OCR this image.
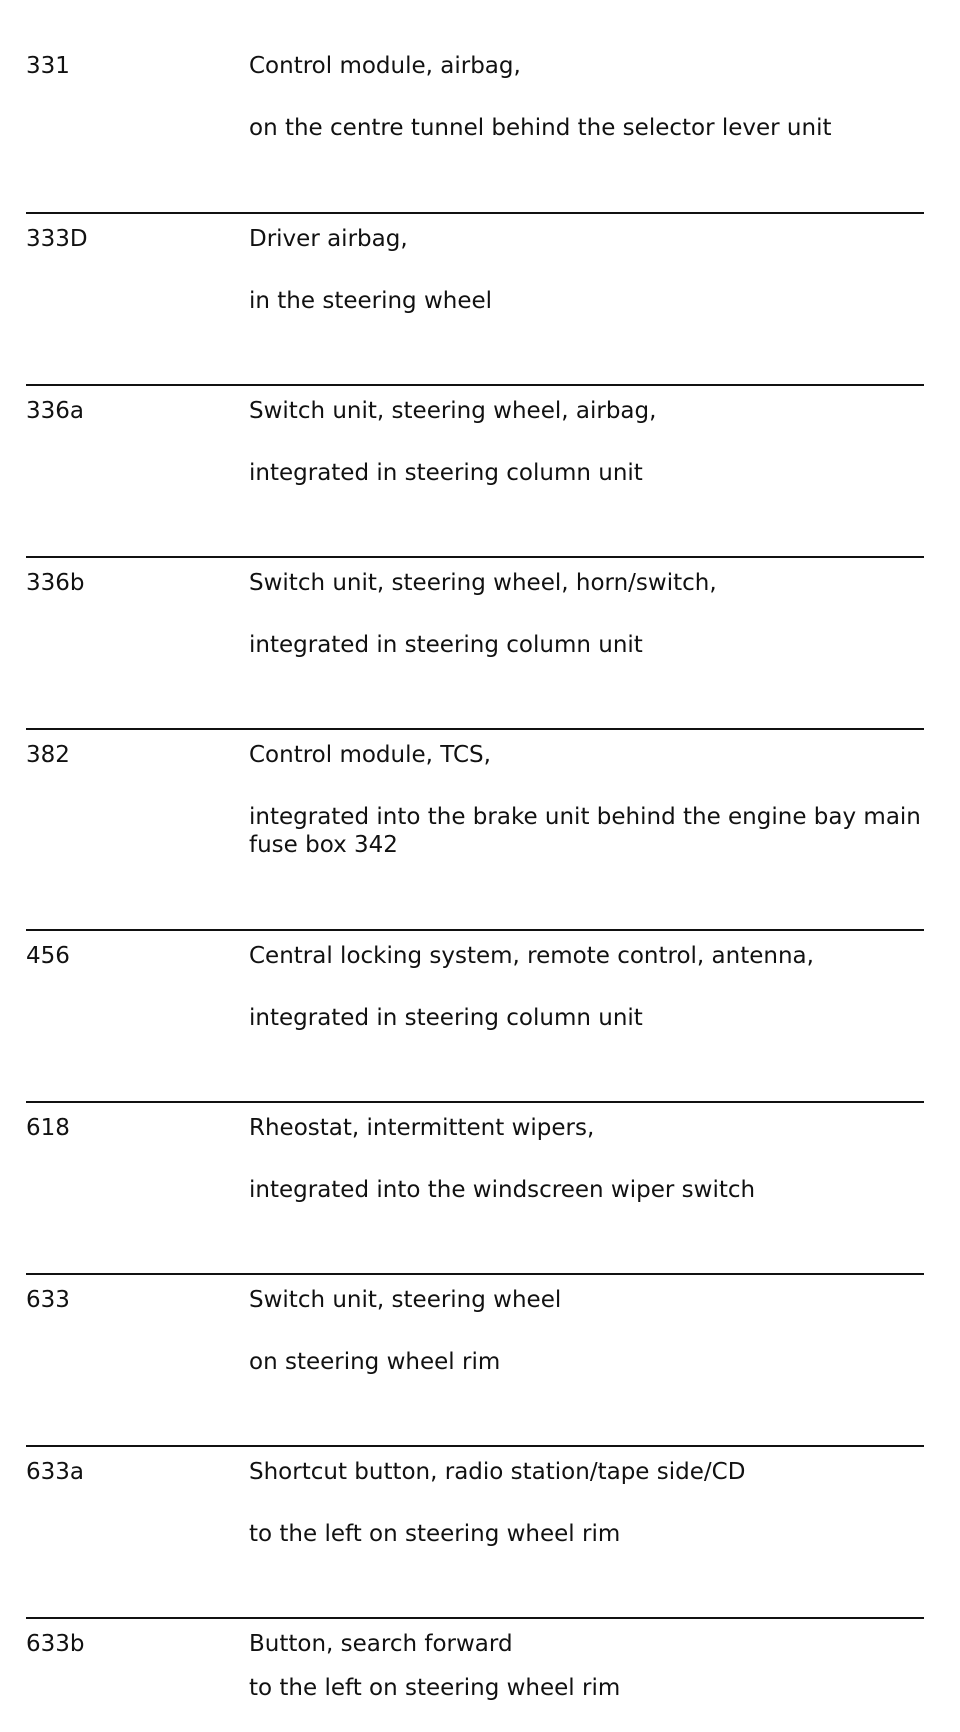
331	Control module, airbag,
on the centre tunnel behind the selector lever unit
333D	Driver airbag,
in the steering wheel
336a	Switch unit, steering wheel, airbag,
integrated in steering column unit
336b	Switch unit, steering wheel, horn/switch,
integrated in steering column unit
382	Control module, TCS,
integrated into the brake unit behind the engine bay main fuse box 342
456	Central locking system, remote control, antenna,
integrated in steering column unit
618	Rheostat, intermittent wipers,
integrated into the windscreen wiper switch
633	Switch unit, steering wheel
on steering wheel rim
633a	Shortcut button, radio station/tape side/CD
to the left on steering wheel rim
633b	Button, search forward
to the left on steering wheel rim
